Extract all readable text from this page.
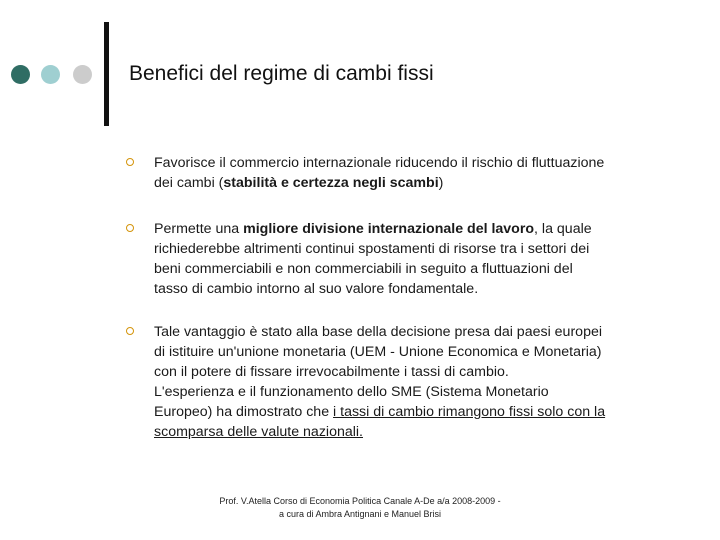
Benefici del regime di cambi fissi
Favorisce il commercio internazionale riducendo il rischio di fluttuazione
dei cambi (stabilità e certezza negli scambi)
Permette una migliore divisione internazionale del lavoro, la quale
richiederebbe altrimenti continui spostamenti di risorse tra i settori dei
beni commerciabili e non commerciabili in seguito a fluttuazioni del
tasso di cambio intorno al suo valore fondamentale.
Tale vantaggio è stato alla base della decisione presa dai paesi europei
di istituire un'unione monetaria (UEM - Unione Economica e Monetaria)
con il potere di fissare irrevocabilmente i tassi di cambio.
L'esperienza e il funzionamento dello SME (Sistema Monetario
Europeo) ha dimostrato che i tassi di cambio rimangono fissi solo con la
scomparsa delle valute nazionali.
Prof. V.Atella Corso di Economia Politica Canale A-De a/a 2008-2009 -
a cura di Ambra Antignani e Manuel Brisi
